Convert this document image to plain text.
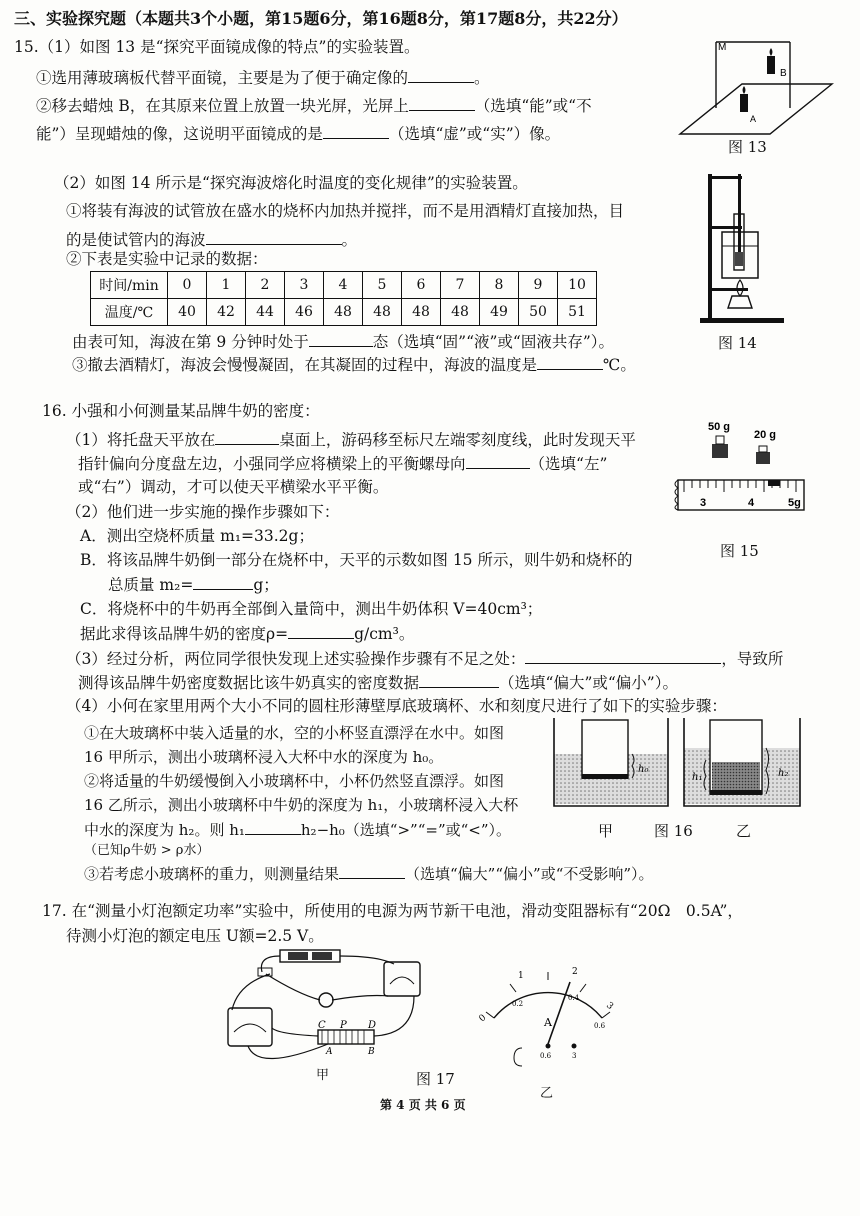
三、实验探究题（本题共3个小题，第15题6分，第16题8分，第17题8分，共22分）
15.（1）如图 13 是“探究平面镜成像的特点”的实验装置。
①选用薄玻璃板代替平面镜，主要是为了便于确定像的	。
②移去蜡烛 B，在其原来位置上放置一块光屏，光屏上	（选填“能”或“不
能”）呈现蜡烛的像，这说明平面镜成的是	（选填“虚”或“实”）像。
M
B
A
图 13
（2）如图 14 所示是“探究海波熔化时温度的变化规律”的实验装置。
①将装有海波的试管放在盛水的烧杯内加热并搅拌，而不是用酒精灯直接加热，目
的是使试管内的海波	。
②下表是实验中记录的数据：
时间/min	0	1	2	3	4	5	6	7	8	9	10
温度/℃	40	42	44	46	48	48	48	48	49	50	51
由表可知，海波在第 9 分钟时处于	态（选填“固”“液”或“固液共存”）。
③撤去酒精灯，海波会慢慢凝固，在其凝固的过程中，海波的温度是	℃。
图 14
16. 小强和小何测量某品牌牛奶的密度：
（1）将托盘天平放在	桌面上，游码移至标尺左端零刻度线，此时发现天平
指针偏向分度盘左边，小强同学应将横梁上的平衡螺母向	（选填“左”
或“右”）调动，才可以使天平横梁水平平衡。
（2）他们进一步实施的操作步骤如下：
A．测出空烧杯质量 m₁=33.2g；
B．将该品牌牛奶倒一部分在烧杯中，天平的示数如图 15 所示，则牛奶和烧杯的
总质量 m₂=	g；
C．将烧杯中的牛奶再全部倒入量筒中，测出牛奶体积 V=40cm³；
据此求得该品牌牛奶的密度ρ=	g/cm³。
（3）经过分析，两位同学很快发现上述实验操作步骤有不足之处：	，导致所
测得该品牌牛奶密度数据比该牛奶真实的密度数据	（选填“偏大”或“偏小”）。
（4）小何在家里用两个大小不同的圆柱形薄壁厚底玻璃杯、水和刻度尺进行了如下的实验步骤：
①在大玻璃杯中装入适量的水，空的小杯竖直漂浮在水中。如图
16 甲所示，测出小玻璃杯浸入大杯中水的深度为 h₀。
②将适量的牛奶缓慢倒入小玻璃杯中，小杯仍然竖直漂浮。如图
16 乙所示，测出小玻璃杯中牛奶的深度为 h₁，小玻璃杯浸入大杯
中水的深度为 h₂。则 h₁	h₂−h₀（选填“>”“=”或“<”）。
（已知ρ牛奶 > ρ水）
③若考虑小玻璃杯的重力，则测量结果	（选填“偏大”“偏小”或“不受影响”）。
50 g
20 g
3	4	5g
图 15
h₀
h₁	h₂
甲	图 16	乙
17. 在“测量小灯泡额定功率”实验中，所使用的电源为两节新干电池，滑动变阻器标有“20Ω　0.5A”，
待测小灯泡的额定电压 U额=2.5 V。
C P D
A	B
甲	图 17
0
1	2
3
0.2
0.4
0.6
A
0.6	3
乙
第 4 页 共 6 页
